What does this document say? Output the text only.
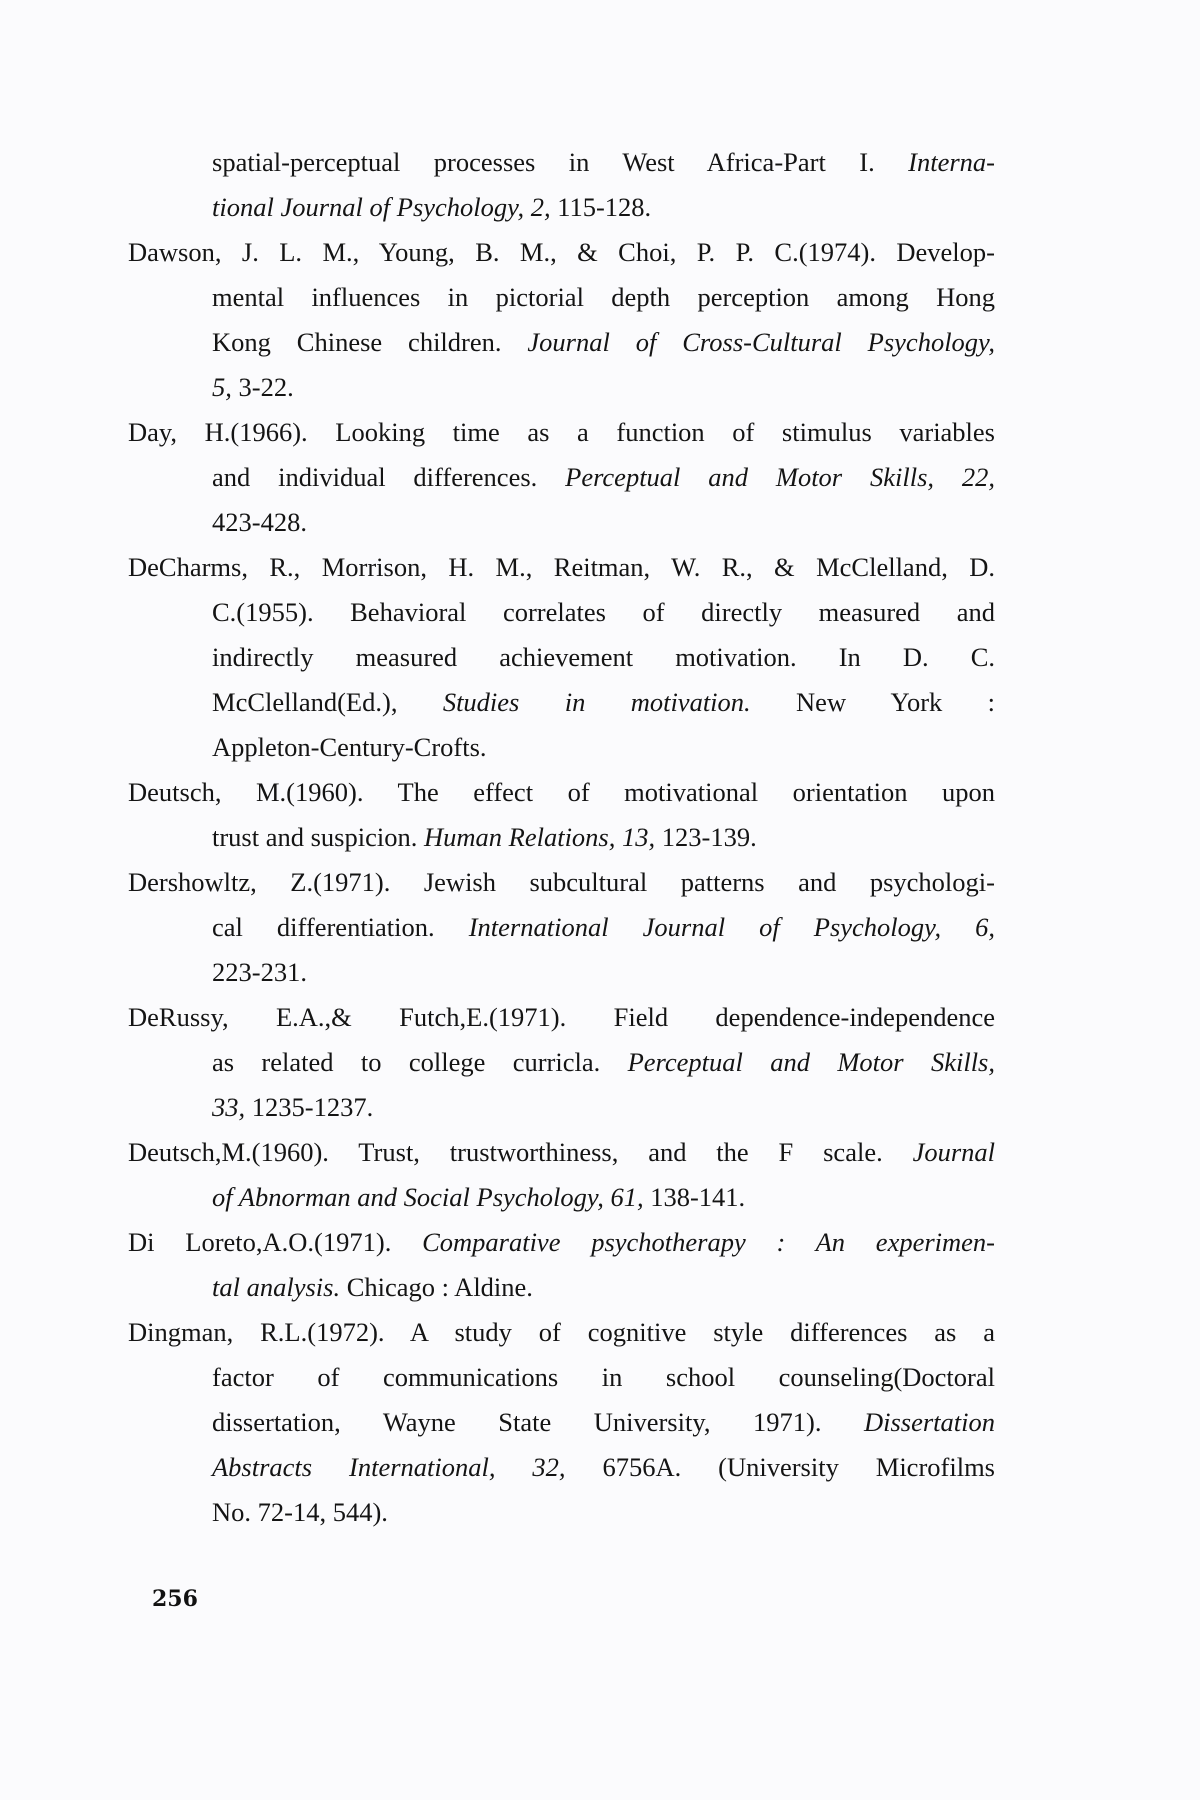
spatial-perceptual processes in West Africa-Part I. Interna-
tional Journal of Psychology, 2, 115-128.
Dawson, J. L. M., Young, B. M., & Choi, P. P. C.(1974). Develop-
mental influences in pictorial depth perception among Hong
Kong Chinese children. Journal of Cross-Cultural Psychology,
5, 3-22.
Day, H.(1966). Looking time as a function of stimulus variables
and individual differences. Perceptual and Motor Skills, 22,
423-428.
DeCharms, R., Morrison, H. M., Reitman, W. R., & McClelland, D.
C.(1955). Behavioral correlates of directly measured and
indirectly measured achievement motivation. In D. C.
McClelland(Ed.), Studies in motivation. New York :
Appleton-Century-Crofts.
Deutsch, M.(1960). The effect of motivational orientation upon
trust and suspicion. Human Relations, 13, 123-139.
Dershowltz, Z.(1971). Jewish subcultural patterns and psychologi-
cal differentiation. International Journal of Psychology, 6,
223-231.
DeRussy, E.A.,& Futch,E.(1971). Field dependence-independence
as related to college curricla. Perceptual and Motor Skills,
33, 1235-1237.
Deutsch,M.(1960). Trust, trustworthiness, and the F scale. Journal
of Abnorman and Social Psychology, 61, 138-141.
Di Loreto,A.O.(1971). Comparative psychotherapy : An experimen-
tal analysis. Chicago : Aldine.
Dingman, R.L.(1972). A study of cognitive style differences as a
factor of communications in school counseling(Doctoral
dissertation, Wayne State University, 1971). Dissertation
Abstracts International, 32, 6756A. (University Microfilms
No. 72-14, 544).
256
